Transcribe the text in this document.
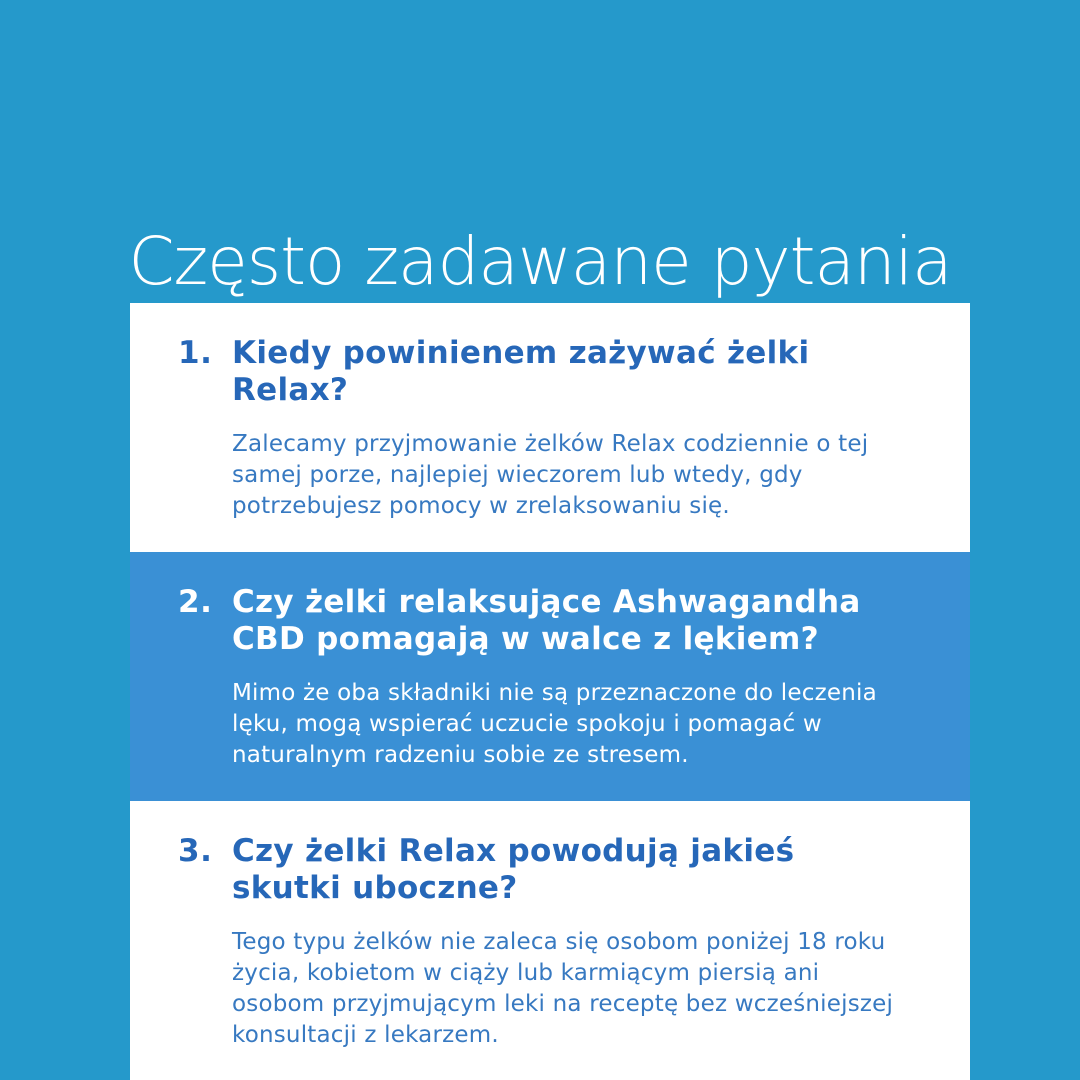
Często zadawane pytania
1. Kiedy powinienem zażywać żelki Relax?

Zalecamy przyjmowanie żelków Relax codziennie o tej samej porze, najlepiej wieczorem lub wtedy, gdy potrzebujesz pomocy w zrelaksowaniu się.

2. Czy żelki relaksujące Ashwagandha CBD pomagają w walce z lękiem?

Mimo że oba składniki nie są przeznaczone do leczenia lęku, mogą wspierać uczucie spokoju i pomagać w naturalnym radzeniu sobie ze stresem.

3. Czy żelki Relax powodują jakieś skutki uboczne?

Tego typu żelków nie zaleca się osobom poniżej 18 roku życia, kobietom w ciąży lub karmiącym piersią ani osobom przyjmującym leki na receptę bez wcześniejszej konsultacji z lekarzem.
